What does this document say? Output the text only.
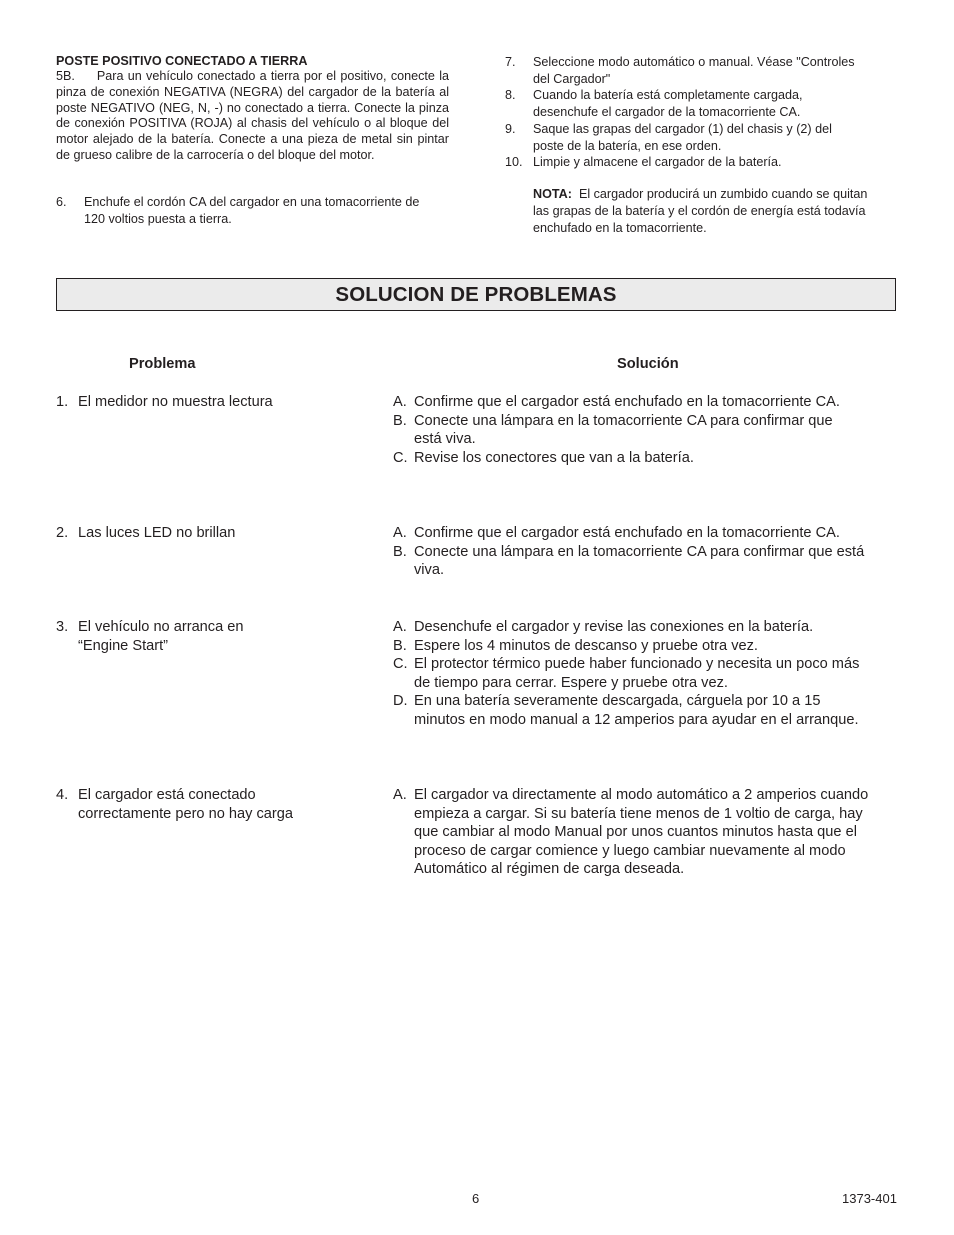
POSTE POSITIVO CONECTADO A TIERRA
5B. Para un vehículo conectado a tierra por el positivo, conecte la pinza de conexión NEGATIVA (NEGRA) del cargador de la batería al poste NEGATIVO (NEG, N, -) no conectado a tierra. Conecte la pinza de conexión POSITIVA (ROJA) al chasis del vehículo o al bloque del motor alejado de la batería. Conecte a una pieza de metal sin pintar de grueso calibre de la carrocería o del bloque del motor.
6. Enchufe el cordón CA del cargador en una tomacorriente de
120 voltios puesta a tierra.
7. Seleccione modo automático o manual. Véase "Controles
del Cargador"
8. Cuando la batería está completamente cargada,
desenchufe el cargador de la tomacorriente CA.
9. Saque las grapas del cargador (1) del chasis y (2) del
poste de la batería, en ese orden.
10. Limpie y almacene el cargador de la batería.
NOTA: El cargador producirá un zumbido cuando se quitan
las grapas de la batería y el cordón de energía está todavía
enchufado en la tomacorriente.
SOLUCION DE PROBLEMAS
Problema	Solución
1. El medidor no muestra lectura	A. Confirme que el cargador está enchufado en la tomacorriente CA.
B. Conecte una lámpara en la tomacorriente CA para confirmar que
está viva.
C. Revise los conectores que van a la batería.
2. Las luces LED no brillan	A. Confirme que el cargador está enchufado en la tomacorriente CA.
B. Conecte una lámpara en la tomacorriente CA para confirmar que está
viva.
3. El vehículo no arranca en
“Engine Start”
A. Desenchufe el cargador y revise las conexiones en la batería.
B. Espere los 4 minutos de descanso y pruebe otra vez.
C. El protector térmico puede haber funcionado y necesita un poco más
de tiempo para cerrar. Espere y pruebe otra vez.
D. En una batería severamente descargada, cárguela por 10 a 15
minutos en modo manual a 12 amperios para ayudar en el arranque.
4. El cargador está conectado
correctamente pero no hay carga
A. El cargador va directamente al modo automático a 2 amperios cuando
empieza a cargar. Si su batería tiene menos de 1 voltio de carga, hay
que cambiar al modo Manual por unos cuantos minutos hasta que el
proceso de cargar comience y luego cambiar nuevamente al modo
Automático al régimen de carga deseada.
6	1373-401
